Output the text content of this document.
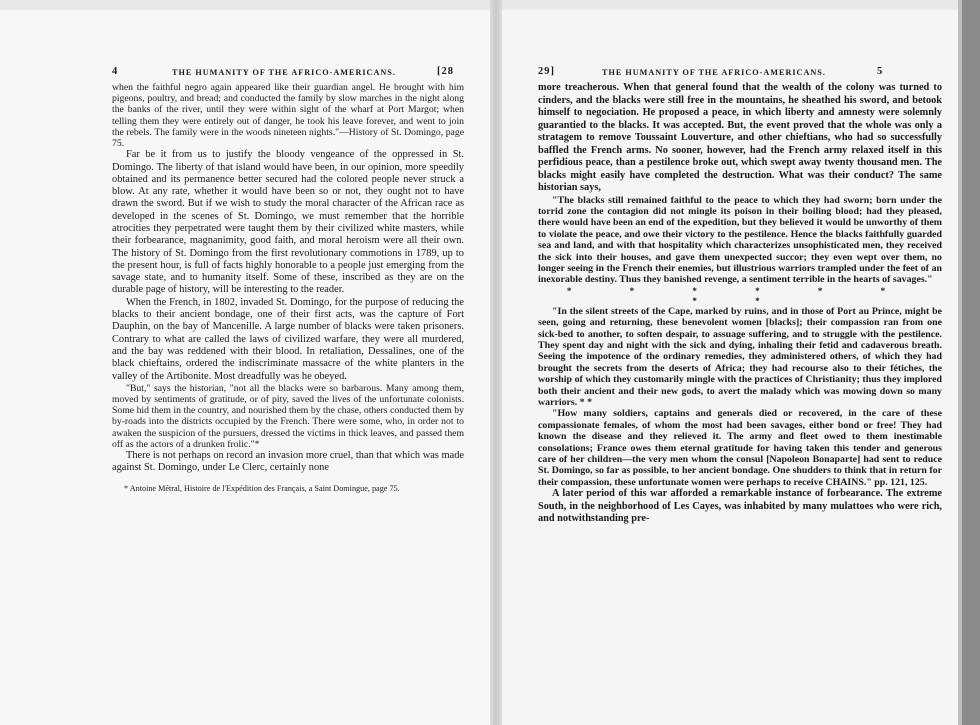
4	THE HUMANITY OF THE AFRICO-AMERICANS.	[28

when the faithful negro again appeared like their guardian angel. He brought with him pigeons, poultry, and bread; and conducted the family by slow marches in the night along the banks of the river, until they were within sight of the wharf at Port Margot; when telling them they were entirely out of danger, he took his leave forever, and went to join the rebels. The family were in the woods nineteen nights."—History of St. Domingo, page 75.

Far be it from us to justify the bloody vengeance of the oppressed in St. Domingo. The liberty of that island would have been, in our opinion, more speedily obtained and its permanence better secured had the colored people never struck a blow. At any rate, whether it would have been so or not, they ought not to have drawn the sword. But if we wish to study the moral character of the African race as developed in the scenes of St. Domingo, we must remember that the horrible atrocities they perpetrated were taught them by their civilized white masters, while their forbearance, magnanimity, good faith, and moral heroism were all their own. The history of St. Domingo from the first revolutionary commotions in 1789, up to the present hour, is full of facts highly honorable to a people just emerging from the savage state, and to humanity itself. Some of these, inscribed as they are on the durable page of history, will be interesting to the reader.

When the French, in 1802, invaded St. Domingo, for the purpose of reducing the blacks to their ancient bondage, one of their first acts, was the capture of Fort Dauphin, on the bay of Mancenille. A large number of blacks were taken prisoners. Contrary to what are called the laws of civilized warfare, they were all murdered, and the bay was reddened with their blood. In retaliation, Dessalines, one of the black chieftains, ordered the indiscriminate massacre of the white planters in the valley of the Artibonite. Most dreadfully was he obeyed.

"But," says the historian, "not all the blacks were so barbarous. Many among them, moved by sentiments of gratitude, or of pity, saved the lives of the unfortunate colonists. Some hid them in the country, and nourished them by the chase, others conducted them by by-roads into the districts occupied by the French. There were some, who, in order not to awaken the suspicion of the pursuers, dressed the victims in thick leaves, and passed them off as the actors of a drunken frolic."*

There is not perhaps on record an invasion more cruel, than that which was made against St. Domingo, under Le Clerc, certainly none

* Antoine Métral, Histoire de l'Expédition des Français, a Saint Domingue, page 75.

29]	THE HUMANITY OF THE AFRICO-AMERICANS.	5

more treacherous. When that general found that the wealth of the colony was turned to cinders, and the blacks were still free in the mountains, he sheathed his sword, and betook himself to negociation. He proposed a peace, in which liberty and amnesty were solemnly guarantied to the blacks. It was accepted. But, the event proved that the whole was only a stratagem to remove Toussaint Louverture, and other chieftians, who had so successfully baffled the French arms. No sooner, however, had the French army relaxed itself in this perfidious peace, than a pestilence broke out, which swept away twenty thousand men. The blacks might easily have completed the destruction. What was their conduct? The same historian says,

"The blacks still remained faithful to the peace to which they had sworn; born under the torrid zone the contagion did not mingle its poison in their boiling blood; had they pleased, there would have been an end of the expedition, but they believed it would be unworthy of them to violate the peace, and owe their victory to the pestilence. Hence the blacks faithfully guarded sea and land, and with that hospitality which characterizes unsophisticated men, they received the sick into their houses, and gave them unexpected succor; they even wept over them, no longer seeing in the French their enemies, but illustrious warriors trampled under the feet of an inexorable destiny. Thus they banished revenge, a sentiment terrible in the hearts of savages."

* * * * * * * *

"In the silent streets of the Cape, marked by ruins, and in those of Port au Prince, might be seen, going and returning, these benevolent women [blacks]; their compassion ran from one sick-bed to another, to soften despair, to assuage suffering, and to struggle with the pestilence. They spent day and night with the sick and dying, inhaling their fetid and cadaverous breath. Seeing the impotence of the ordinary remedies, they administered others, of which they had brought the secrets from the deserts of Africa; they had recourse also to their fétiches, the worship of which they customarily mingle with the practices of Christianity; thus they implored both their ancient and their new gods, to avert the malady which was mowing down so many warriors. * *

"How many soldiers, captains and generals died or recovered, in the care of these compassionate females, of whom the most had been savages, either bond or free! They had known the disease and they relieved it. The army and fleet owed to them inestimable consolations; France owes them eternal gratitude for having taken this tender and generous care of her children—the very men whom the consul [Napoleon Bonaparte] had sent to reduce St. Domingo, so far as possible, to her ancient bondage. One shudders to think that in return for their compassion, these unfortunate women were perhaps to receive CHAINS." pp. 121, 125.

A later period of this war afforded a remarkable instance of forbearance. The extreme South, in the neighborhood of Les Cayes, was inhabited by many mulattoes who were rich, and notwithstanding pre-
